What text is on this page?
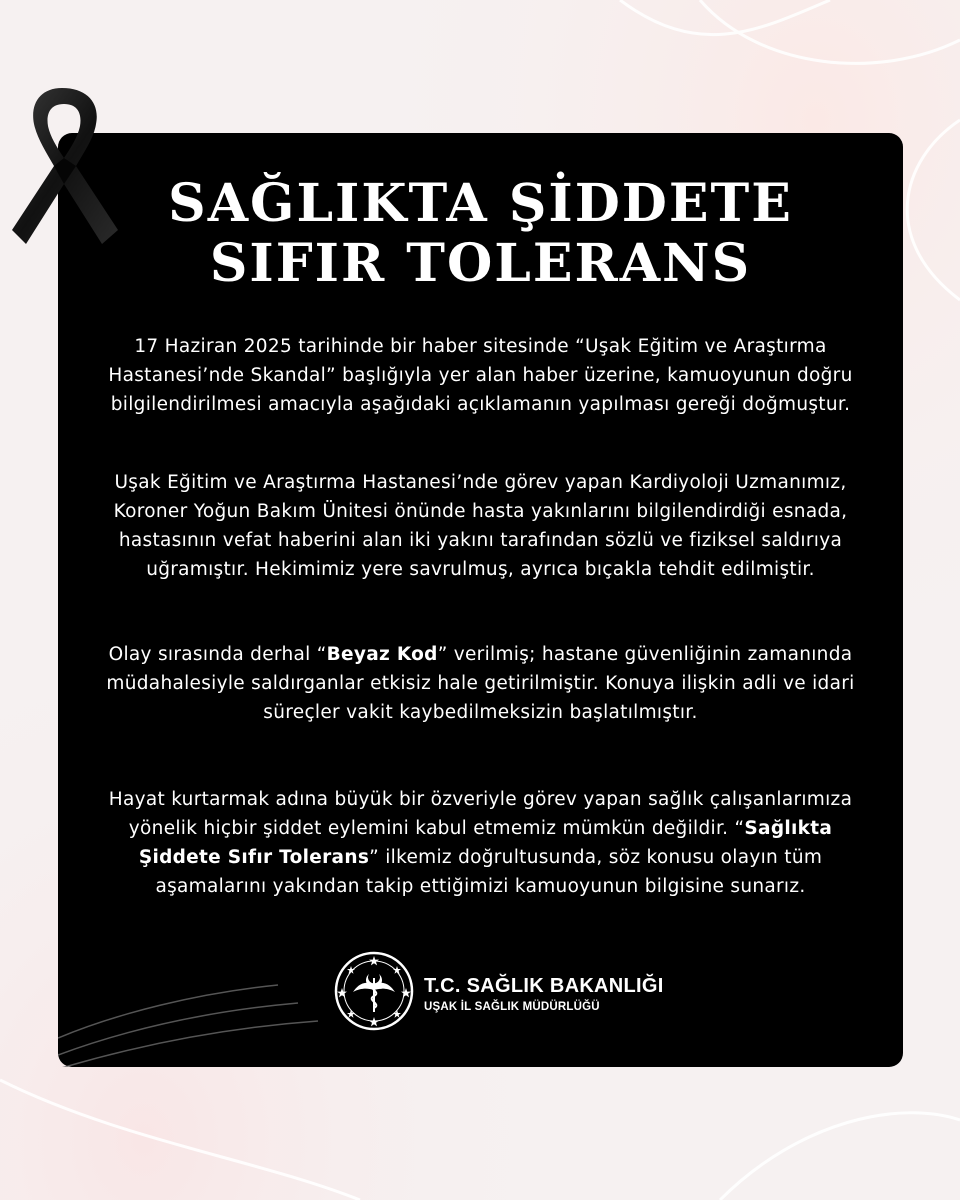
SAĞLIKTA ŞİDDETE
SIFIR TOLERANS

17 Haziran 2025 tarihinde bir haber sitesinde “Uşak Eğitim ve Araştırma Hastanesi’nde Skandal” başlığıyla yer alan haber üzerine, kamuoyunun doğru bilgilendirilmesi amacıyla aşağıdaki açıklamanın yapılması gereği doğmuştur.

Uşak Eğitim ve Araştırma Hastanesi’nde görev yapan Kardiyoloji Uzmanımız, Koroner Yoğun Bakım Ünitesi önünde hasta yakınlarını bilgilendirdiği esnada, hastasının vefat haberini alan iki yakını tarafından sözlü ve fiziksel saldırıya uğramıştır. Hekimimiz yere savrulmuş, ayrıca bıçakla tehdit edilmiştir.

Olay sırasında derhal “Beyaz Kod” verilmiş; hastane güvenliğinin zamanında müdahalesiyle saldırganlar etkisiz hale getirilmiştir. Konuya ilişkin adli ve idari süreçler vakit kaybedilmeksizin başlatılmıştır.

Hayat kurtarmak adına büyük bir özveriyle görev yapan sağlık çalışanlarımıza yönelik hiçbir şiddet eylemini kabul etmemiz mümkün değildir. “Sağlıkta Şiddete Sıfır Tolerans” ilkemiz doğrultusunda, söz konusu olayın tüm aşamalarını yakından takip ettiğimizi kamuoyunun bilgisine sunarız.

T.C. SAĞLIK BAKANLIĞI
UŞAK İL SAĞLIK MÜDÜRLÜĞÜ
